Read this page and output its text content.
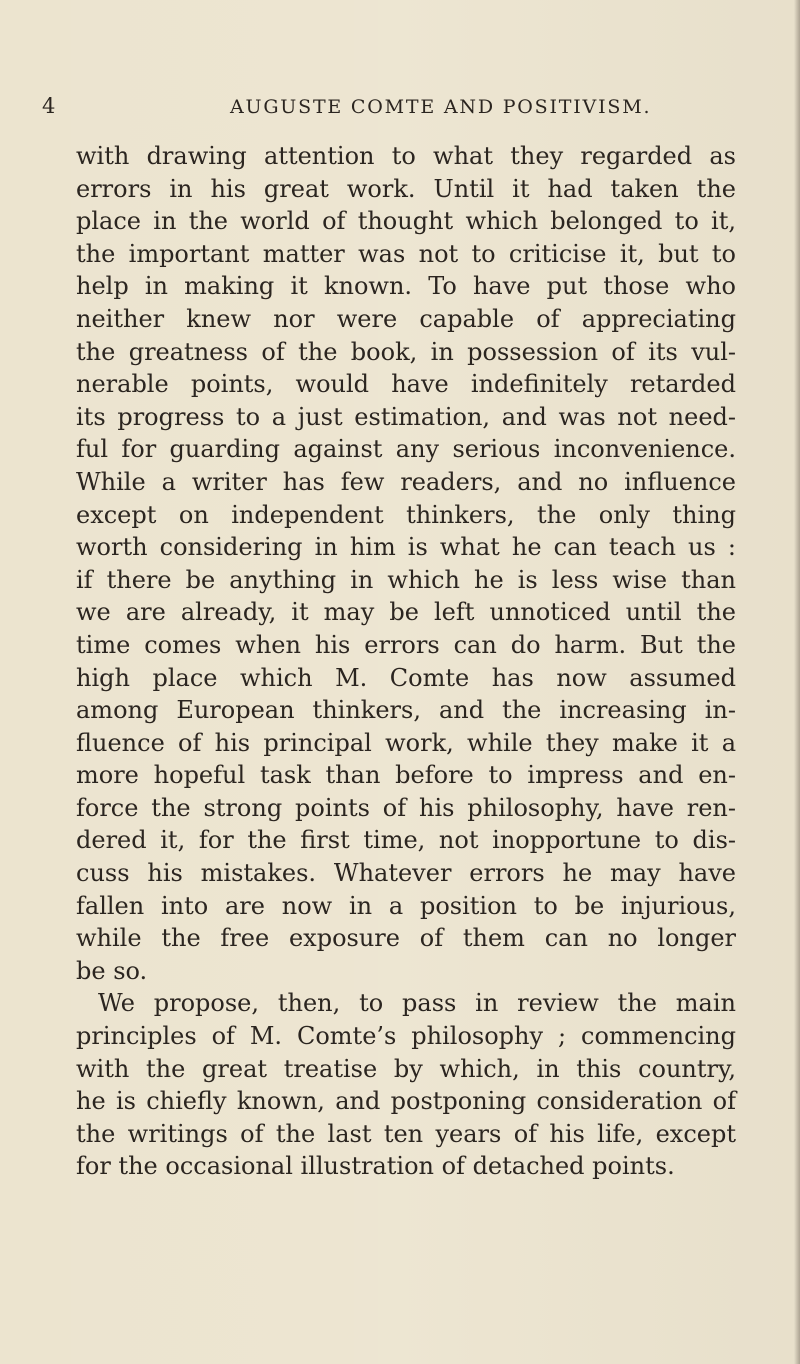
4	AUGUSTE COMTE AND POSITIVISM.
with drawing attention to what they regarded as
errors in his great work. Until it had taken the
place in the world of thought which belonged to it,
the important matter was not to criticise it, but to
help in making it known. To have put those who
neither knew nor were capable of appreciating
the greatness of the book, in possession of its vul-
nerable points, would have indefinitely retarded
its progress to a just estimation, and was not need-
ful for guarding against any serious inconvenience.
While a writer has few readers, and no influence
except on independent thinkers, the only thing
worth considering in him is what he can teach us :
if there be anything in which he is less wise than
we are already, it may be left unnoticed until the
time comes when his errors can do harm. But the
high place which M. Comte has now assumed
among European thinkers, and the increasing in-
fluence of his principal work, while they make it a
more hopeful task than before to impress and en-
force the strong points of his philosophy, have ren-
dered it, for the first time, not inopportune to dis-
cuss his mistakes. Whatever errors he may have
fallen into are now in a position to be injurious,
while the free exposure of them can no longer
be so.
We propose, then, to pass in review the main
principles of M. Comte’s philosophy ; commencing
with the great treatise by which, in this country,
he is chiefly known, and postponing consideration of
the writings of the last ten years of his life, except
for the occasional illustration of detached points.
